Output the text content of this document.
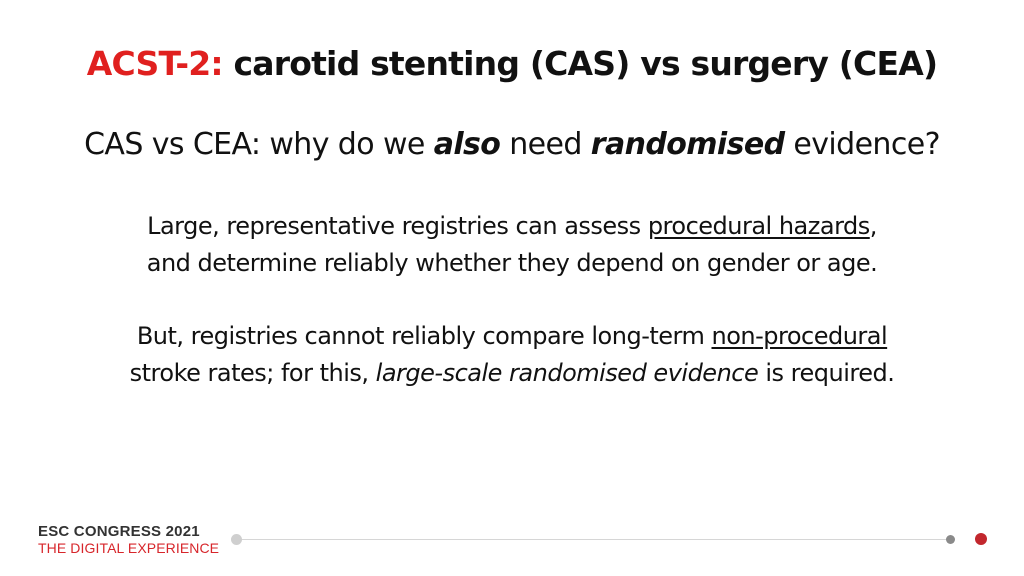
ACST-2: carotid stenting (CAS) vs surgery (CEA)
CAS vs CEA: why do we also need randomised evidence?
Large, representative registries can assess procedural hazards,
and determine reliably whether they depend on gender or age.
But, registries cannot reliably compare long-term non-procedural
stroke rates; for this, large-scale randomised evidence is required.
ESC CONGRESS 2021
THE DIGITAL EXPERIENCE
